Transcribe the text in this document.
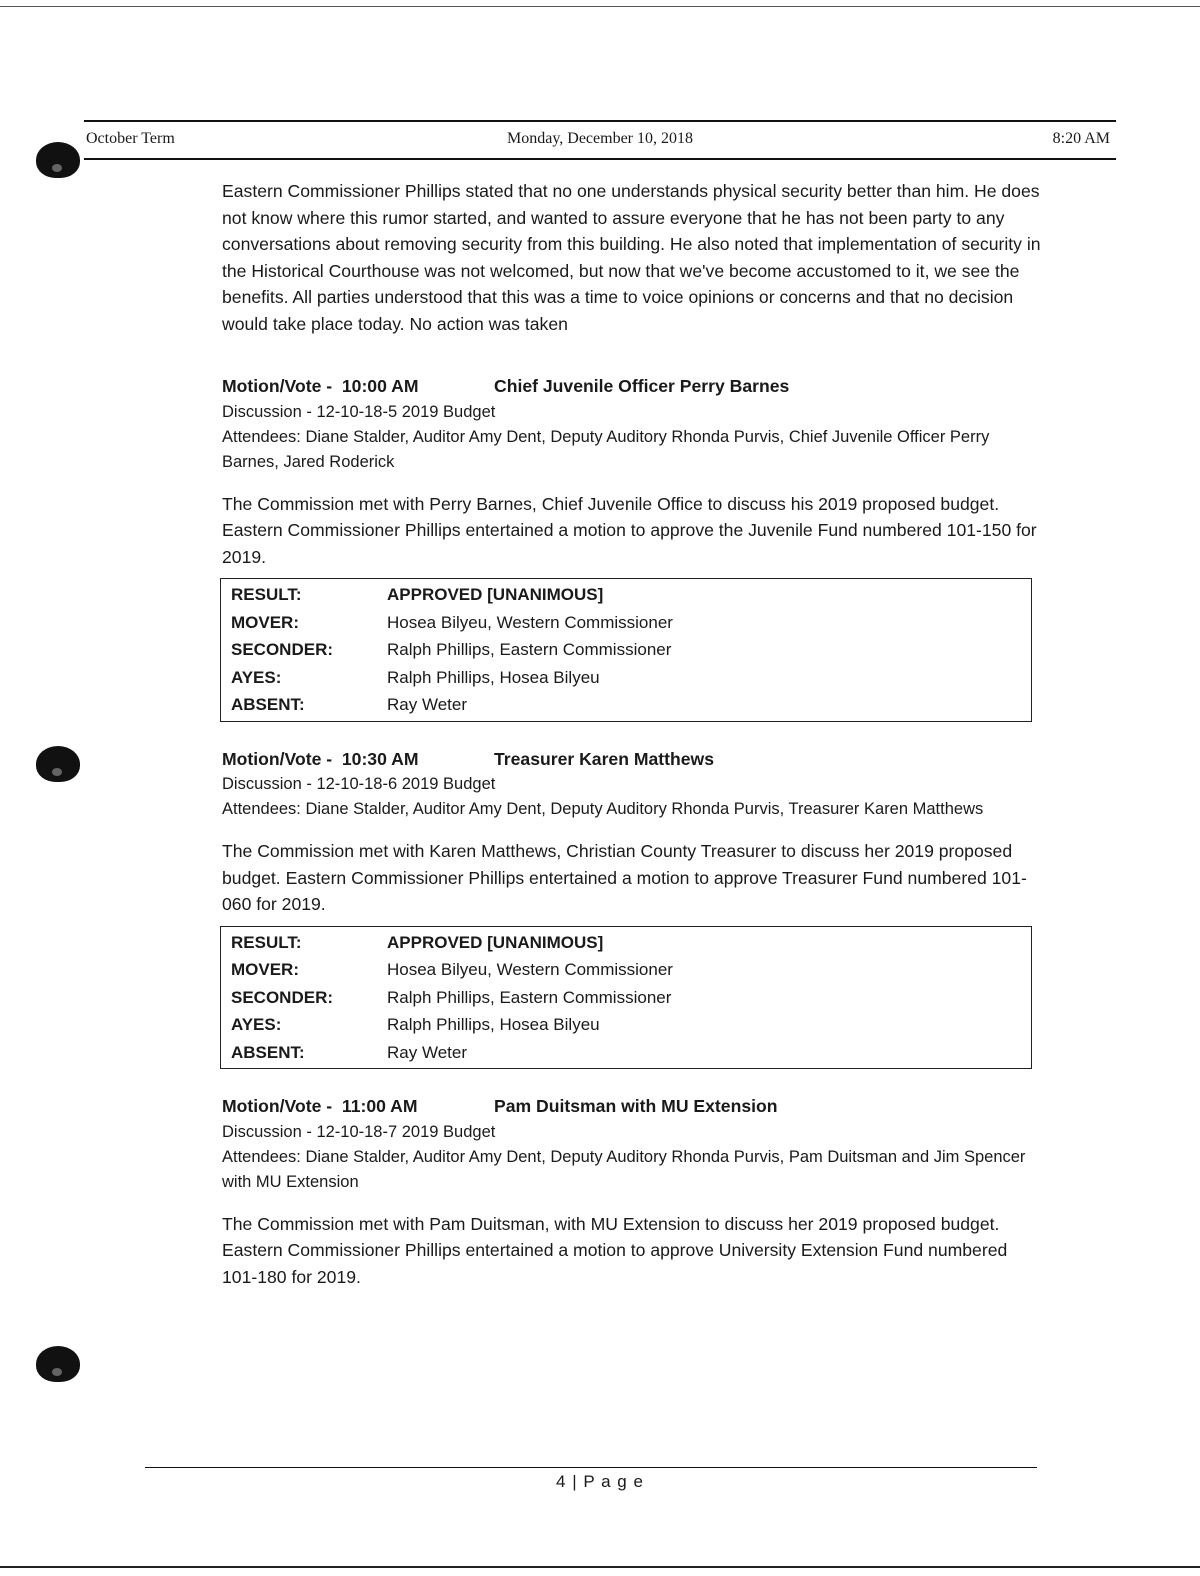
October Term	Monday, December 10, 2018	8:20 AM

Eastern Commissioner Phillips stated that no one understands physical security better than him. He does not know where this rumor started, and wanted to assure everyone that he has not been party to any conversations about removing security from this building. He also noted that implementation of security in the Historical Courthouse was not welcomed, but now that we've become accustomed to it, we see the benefits. All parties understood that this was a time to voice opinions or concerns and that no decision would take place today. No action was taken

Motion/Vote -  10:00 AM	Chief Juvenile Officer Perry Barnes
Discussion - 12-10-18-5 2019 Budget
Attendees: Diane Stalder, Auditor Amy Dent, Deputy Auditory Rhonda Purvis, Chief Juvenile Officer Perry Barnes, Jared Roderick

The Commission met with Perry Barnes, Chief Juvenile Office to discuss his 2019 proposed budget. Eastern Commissioner Phillips entertained a motion to approve the Juvenile Fund numbered 101-150 for 2019.

RESULT:	APPROVED [UNANIMOUS]
MOVER:	Hosea Bilyeu, Western Commissioner
SECONDER:	Ralph Phillips, Eastern Commissioner
AYES:	Ralph Phillips, Hosea Bilyeu
ABSENT:	Ray Weter
Motion/Vote -  10:30 AM	Treasurer Karen Matthews
Discussion - 12-10-18-6 2019 Budget
Attendees: Diane Stalder, Auditor Amy Dent, Deputy Auditory Rhonda Purvis, Treasurer Karen Matthews

The Commission met with Karen Matthews, Christian County Treasurer to discuss her 2019 proposed budget. Eastern Commissioner Phillips entertained a motion to approve Treasurer Fund numbered 101-060 for 2019.

RESULT:	APPROVED [UNANIMOUS]
MOVER:	Hosea Bilyeu, Western Commissioner
SECONDER:	Ralph Phillips, Eastern Commissioner
AYES:	Ralph Phillips, Hosea Bilyeu
ABSENT:	Ray Weter
Motion/Vote -  11:00 AM	Pam Duitsman with MU Extension
Discussion - 12-10-18-7 2019 Budget
Attendees: Diane Stalder, Auditor Amy Dent, Deputy Auditory Rhonda Purvis, Pam Duitsman and Jim Spencer with MU Extension

The Commission met with Pam Duitsman, with MU Extension to discuss her 2019 proposed budget. Eastern Commissioner Phillips entertained a motion to approve University Extension Fund numbered 101-180 for 2019.

4 | P a g e
